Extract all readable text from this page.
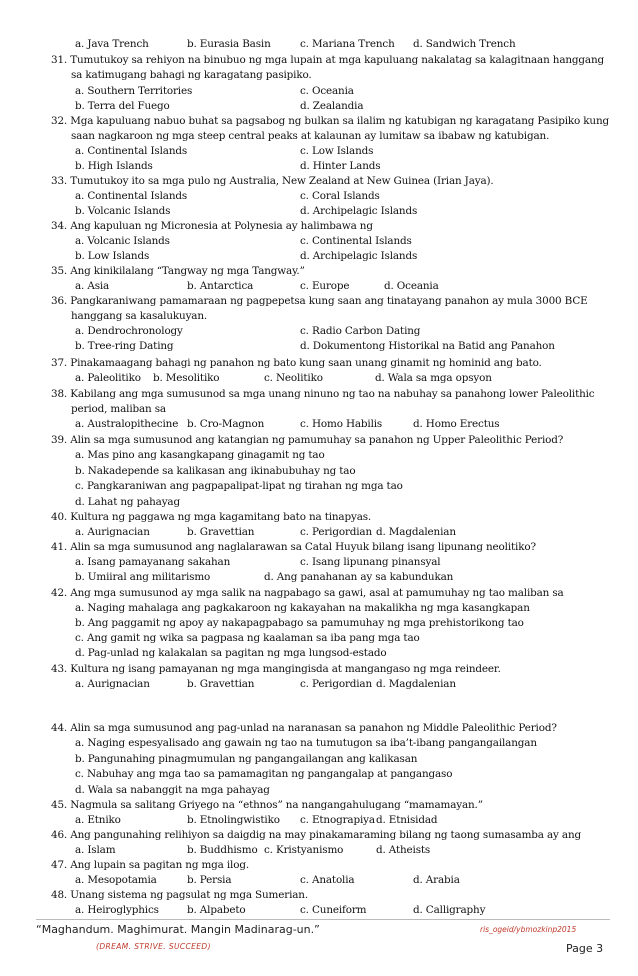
a. Java Trench	b. Eurasia Basin	c. Mariana Trench d. Sandwich Trench
31. Tumutukoy sa rehiyon na binubuo ng mga lupain at mga kapuluang nakalatag sa kalagitnaan hanggang
sa katimugang bahagi ng karagatang pasipiko.
a. Southern Territories	c. Oceania
b. Terra del Fuego	d. Zealandia
32. Mga kapuluang nabuo buhat sa pagsabog ng bulkan sa ilalim ng katubigan ng karagatang Pasipiko kung
saan nagkaroon ng mga steep central peaks at kalaunan ay lumitaw sa ibabaw ng katubigan.
a. Continental Islands	c. Low Islands
b. High Islands	d. Hinter Lands
33. Tumutukoy ito sa mga pulo ng Australia, New Zealand at New Guinea (Irian Jaya).
a. Continental Islands	c. Coral Islands
b. Volcanic Islands	d. Archipelagic Islands
34. Ang kapuluan ng Micronesia at Polynesia ay halimbawa ng
a. Volcanic Islands	c. Continental Islands
b. Low Islands	d. Archipelagic Islands
35. Ang kinikilalang “Tangway ng mga Tangway.”
a. Asia	b. Antarctica	c. Europe	d. Oceania
36. Pangkaraniwang pamamaraan ng pagpepetsa kung saan ang tinatayang panahon ay mula 3000 BCE
hanggang sa kasalukuyan.
a. Dendrochronology	c. Radio Carbon Dating
b. Tree-ring Dating	d. Dokumentong Historikal na Batid ang Panahon
37. Pinakamaagang bahagi ng panahon ng bato kung saan unang ginamit ng hominid ang bato.
a. Paleolitiko b. Mesolitiko	c. Neolitiko	d. Wala sa mga opsyon
38. Kabilang ang mga sumusunod sa mga unang ninuno ng tao na nabuhay sa panahong lower Paleolithic
period, maliban sa
a. Australopithecine b. Cro-Magnon	c. Homo Habilis	d. Homo Erectus
39. Alin sa mga sumusunod ang katangian ng pamumuhay sa panahon ng Upper Paleolithic Period?
a. Mas pino ang kasangkapang ginagamit ng tao
b. Nakadepende sa kalikasan ang ikinabubuhay ng tao
c. Pangkaraniwan ang pagpapalipat-lipat ng tirahan ng mga tao
d. Lahat ng pahayag
40. Kultura ng paggawa ng mga kagamitang bato na tinapyas.
a. Aurignacian	b. Gravettian	c. Perigordian d. Magdalenian
41. Alin sa mga sumusunod ang naglalarawan sa Catal Huyuk bilang isang lipunang neolitiko?
a. Isang pamayanang sakahan	c. Isang lipunang pinansyal
b. Umiiral ang militarismo	d. Ang panahanan ay sa kabundukan
42. Ang mga sumusunod ay mga salik na nagpabago sa gawi, asal at pamumuhay ng tao maliban sa
a. Naging mahalaga ang pagkakaroon ng kakayahan na makalikha ng mga kasangkapan
b. Ang paggamit ng apoy ay nakapagpabago sa pamumuhay ng mga prehistorikong tao
c. Ang gamit ng wika sa pagpasa ng kaalaman sa iba pang mga tao
d. Pag-unlad ng kalakalan sa pagitan ng mga lungsod-estado
43. Kultura ng isang pamayanan ng mga mangingisda at mangangaso ng mga reindeer.
a. Aurignacian	b. Gravettian	c. Perigordian d. Magdalenian
44. Alin sa mga sumusunod ang pag-unlad na naranasan sa panahon ng Middle Paleolithic Period?
a. Naging espesyalisado ang gawain ng tao na tumutugon sa iba’t-ibang pangangailangan
b. Pangunahing pinagmumulan ng pangangailangan ang kalikasan
c. Nabuhay ang mga tao sa pamamagitan ng pangangalap at pangangaso
d. Wala sa nabanggit na mga pahayag
45. Nagmula sa salitang Griyego na “ethnos” na nangangahulugang “mamamayan.”
a. Etniko	b. Etnolingwistiko c. Etnograpiya d. Etnisidad
46. Ang pangunahing relihiyon sa daigdig na may pinakamaraming bilang ng taong sumasamba ay ang
a. Islam	b. Buddhismo c. Kristyanismo	d. Atheists
47. Ang lupain sa pagitan ng mga ilog.
a. Mesopotamia	b. Persia	c. Anatolia	d. Arabia
48. Unang sistema ng pagsulat ng mga Sumerian.
a. Heiroglyphics	b. Alpabeto	c. Cuneiform	d. Calligraphy
“Maghandum. Maghimurat. Mangin Madinarag-un.”
(DREAM. STRIVE. SUCCEED)
ris_ogeid/ybmozkinp2015
Page 3
